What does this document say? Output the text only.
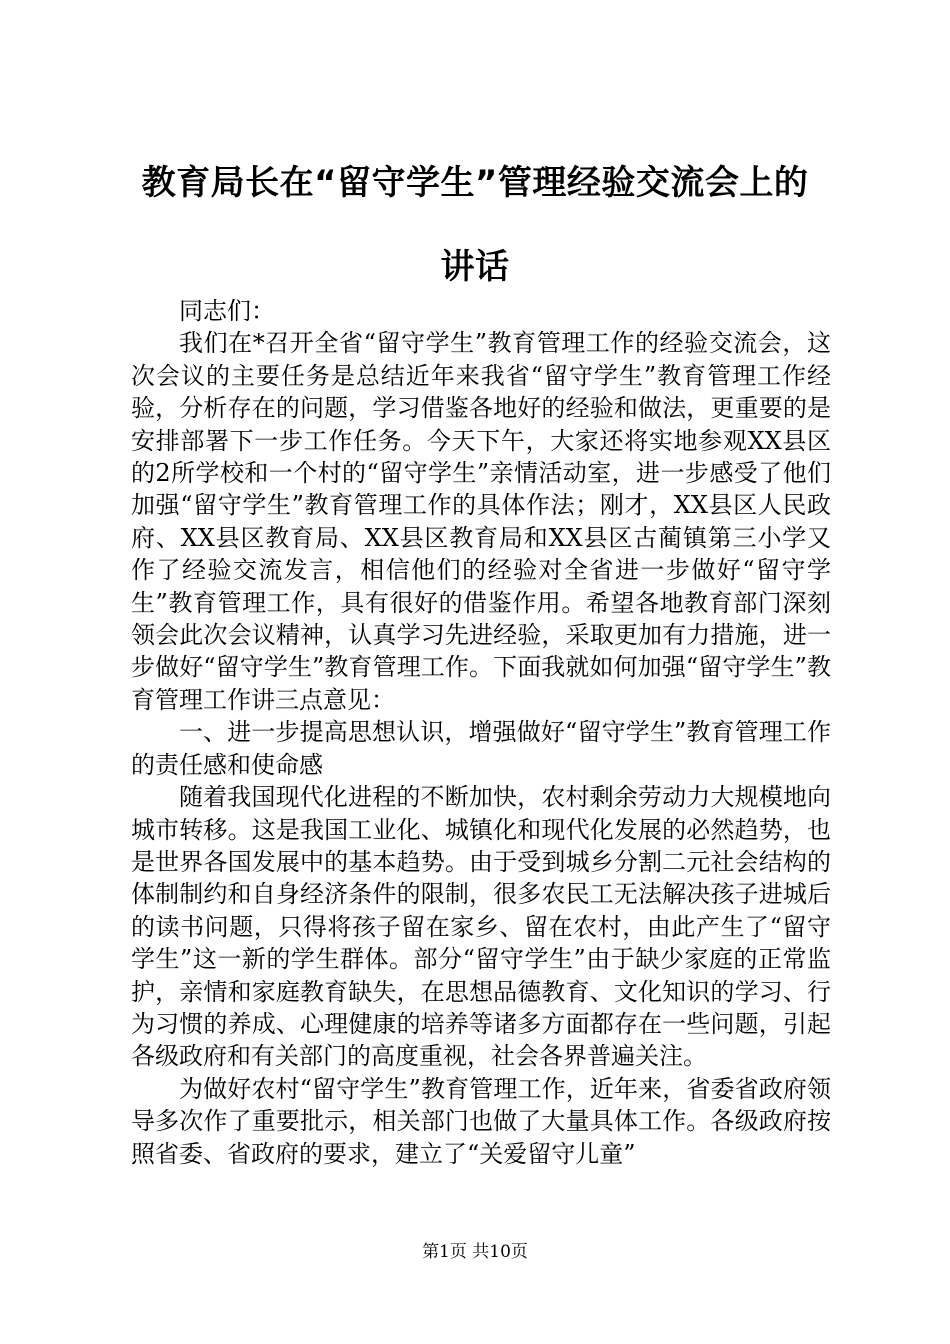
教育局长在“留守学生”管理经验交流会上的
讲话

同志们：

我们在*召开全省“留守学生”教育管理工作的经验交流会，这次会议的主要任务是总结近年来我省“留守学生”教育管理工作经验，分析存在的问题，学习借鉴各地好的经验和做法，更重要的是安排部署下一步工作任务。今天下午，大家还将实地参观XX县区的2所学校和一个村的“留守学生”亲情活动室，进一步感受了他们加强“留守学生”教育管理工作的具体作法；刚才，XX县区人民政府、XX县区教育局、XX县区教育局和XX县区古蔺镇第三小学又作了经验交流发言，相信他们的经验对全省进一步做好“留守学生”教育管理工作，具有很好的借鉴作用。希望各地教育部门深刻领会此次会议精神，认真学习先进经验，采取更加有力措施，进一步做好“留守学生”教育管理工作。下面我就如何加强“留守学生”教育管理工作讲三点意见：

一、进一步提高思想认识，增强做好“留守学生”教育管理工作的责任感和使命感

随着我国现代化进程的不断加快，农村剩余劳动力大规模地向城市转移。这是我国工业化、城镇化和现代化发展的必然趋势，也是世界各国发展中的基本趋势。由于受到城乡分割二元社会结构的体制制约和自身经济条件的限制，很多农民工无法解决孩子进城后的读书问题，只得将孩子留在家乡、留在农村，由此产生了“留守学生”这一新的学生群体。部分“留守学生”由于缺少家庭的正常监护，亲情和家庭教育缺失，在思想品德教育、文化知识的学习、行为习惯的养成、心理健康的培养等诸多方面都存在一些问题，引起各级政府和有关部门的高度重视，社会各界普遍关注。

为做好农村“留守学生”教育管理工作，近年来，省委省政府领导多次作了重要批示，相关部门也做了大量具体工作。各级政府按照省委、省政府的要求，建立了“关爱留守儿童”

第1页 共10页
